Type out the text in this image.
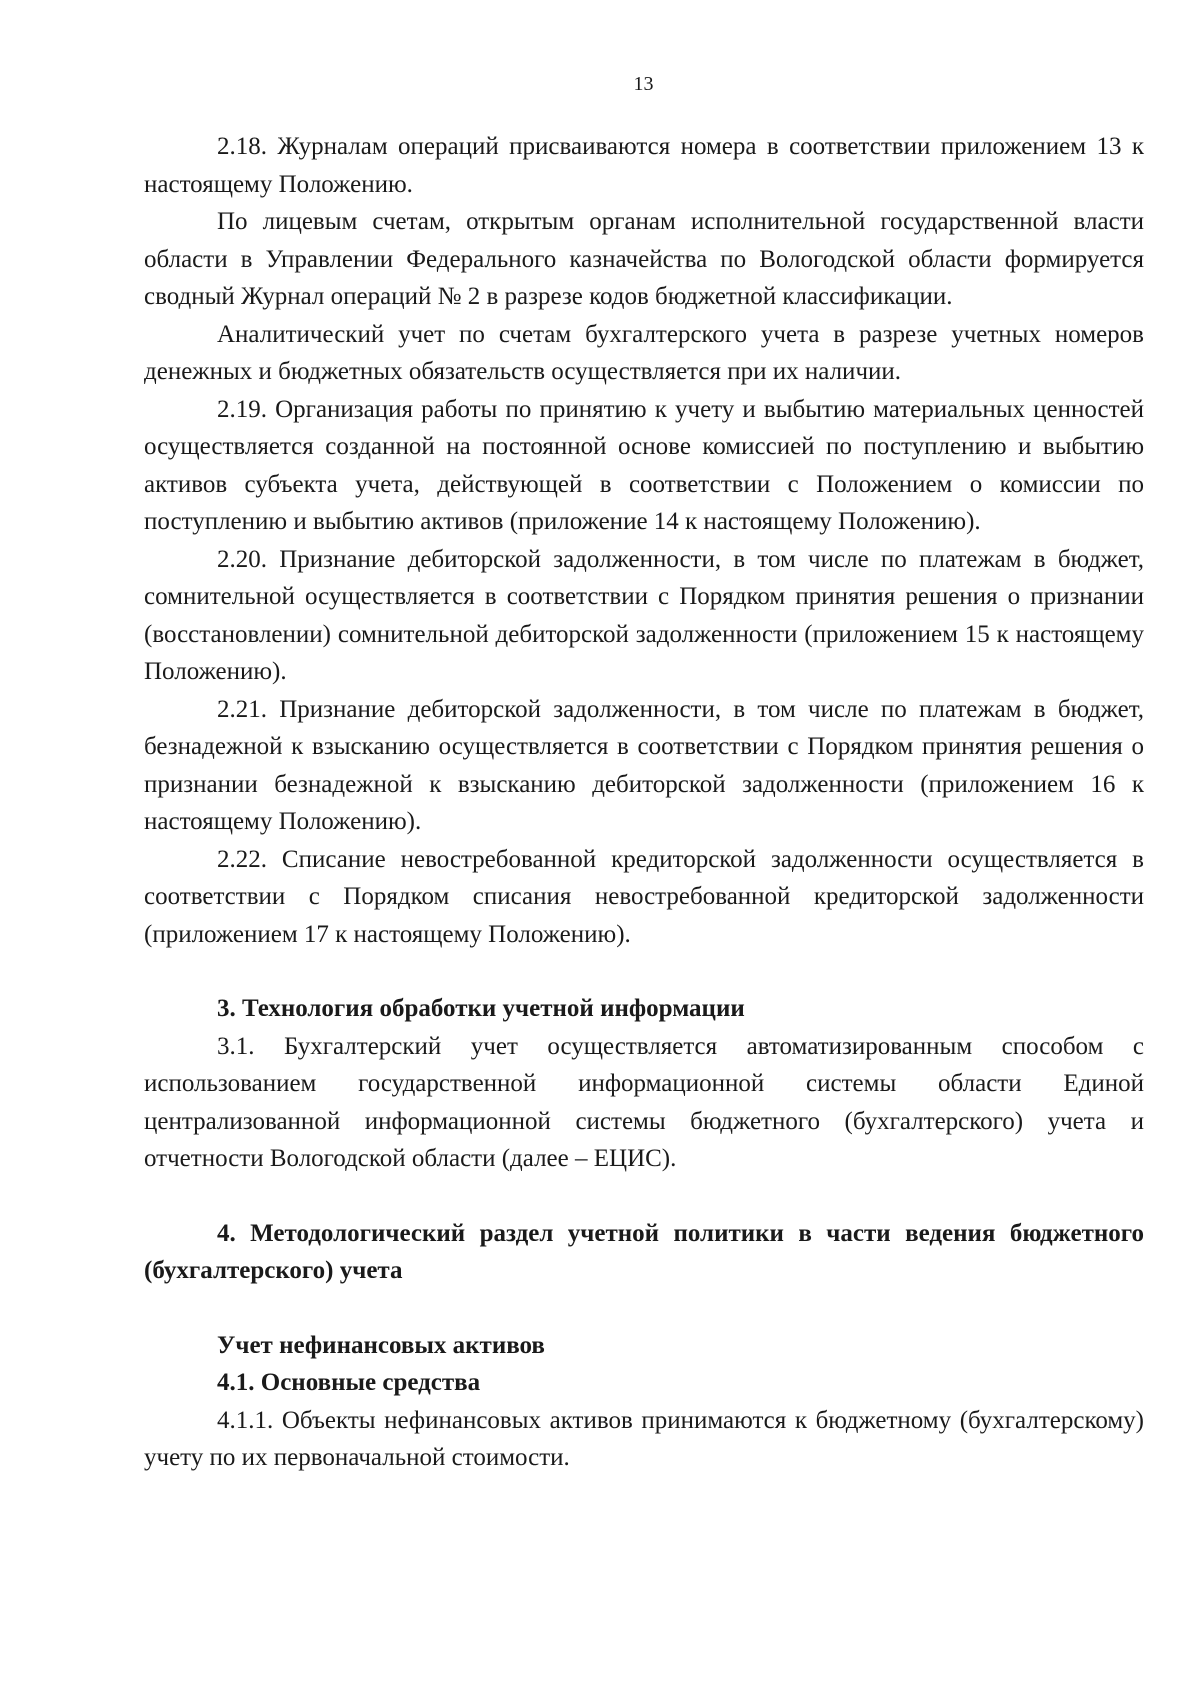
13

2.18. Журналам операций присваиваются номера в соответствии приложением 13 к настоящему Положению.

По лицевым счетам, открытым органам исполнительной государственной власти области в Управлении Федерального казначейства по Вологодской области формируется сводный Журнал операций № 2 в разрезе кодов бюджетной классификации.

Аналитический учет по счетам бухгалтерского учета в разрезе учетных номеров денежных и бюджетных обязательств осуществляется при их наличии.

2.19. Организация работы по принятию к учету и выбытию материальных ценностей осуществляется созданной на постоянной основе комиссией по поступлению и выбытию активов субъекта учета, действующей в соответствии с Положением о комиссии по поступлению и выбытию активов (приложение 14 к настоящему Положению).

2.20. Признание дебиторской задолженности, в том числе по платежам в бюджет, сомнительной осуществляется в соответствии с Порядком принятия решения о признании (восстановлении) сомнительной дебиторской задолженности (приложением 15 к настоящему Положению).

2.21. Признание дебиторской задолженности, в том числе по платежам в бюджет, безнадежной к взысканию осуществляется в соответствии с Порядком принятия решения о признании безнадежной к взысканию дебиторской задолженности (приложением 16 к настоящему Положению).

2.22. Списание невостребованной кредиторской задолженности осуществляется в соответствии с Порядком списания невостребованной кредиторской задолженности (приложением 17 к настоящему Положению).

3. Технология обработки учетной информации

3.1. Бухгалтерский учет осуществляется автоматизированным способом с использованием государственной информационной системы области Единой централизованной информационной системы бюджетного (бухгалтерского) учета и отчетности Вологодской области (далее – ЕЦИС).

4. Методологический раздел учетной политики в части ведения бюджетного (бухгалтерского) учета

Учет нефинансовых активов

4.1. Основные средства

4.1.1. Объекты нефинансовых активов принимаются к бюджетному (бухгалтерскому) учету по их первоначальной стоимости.
